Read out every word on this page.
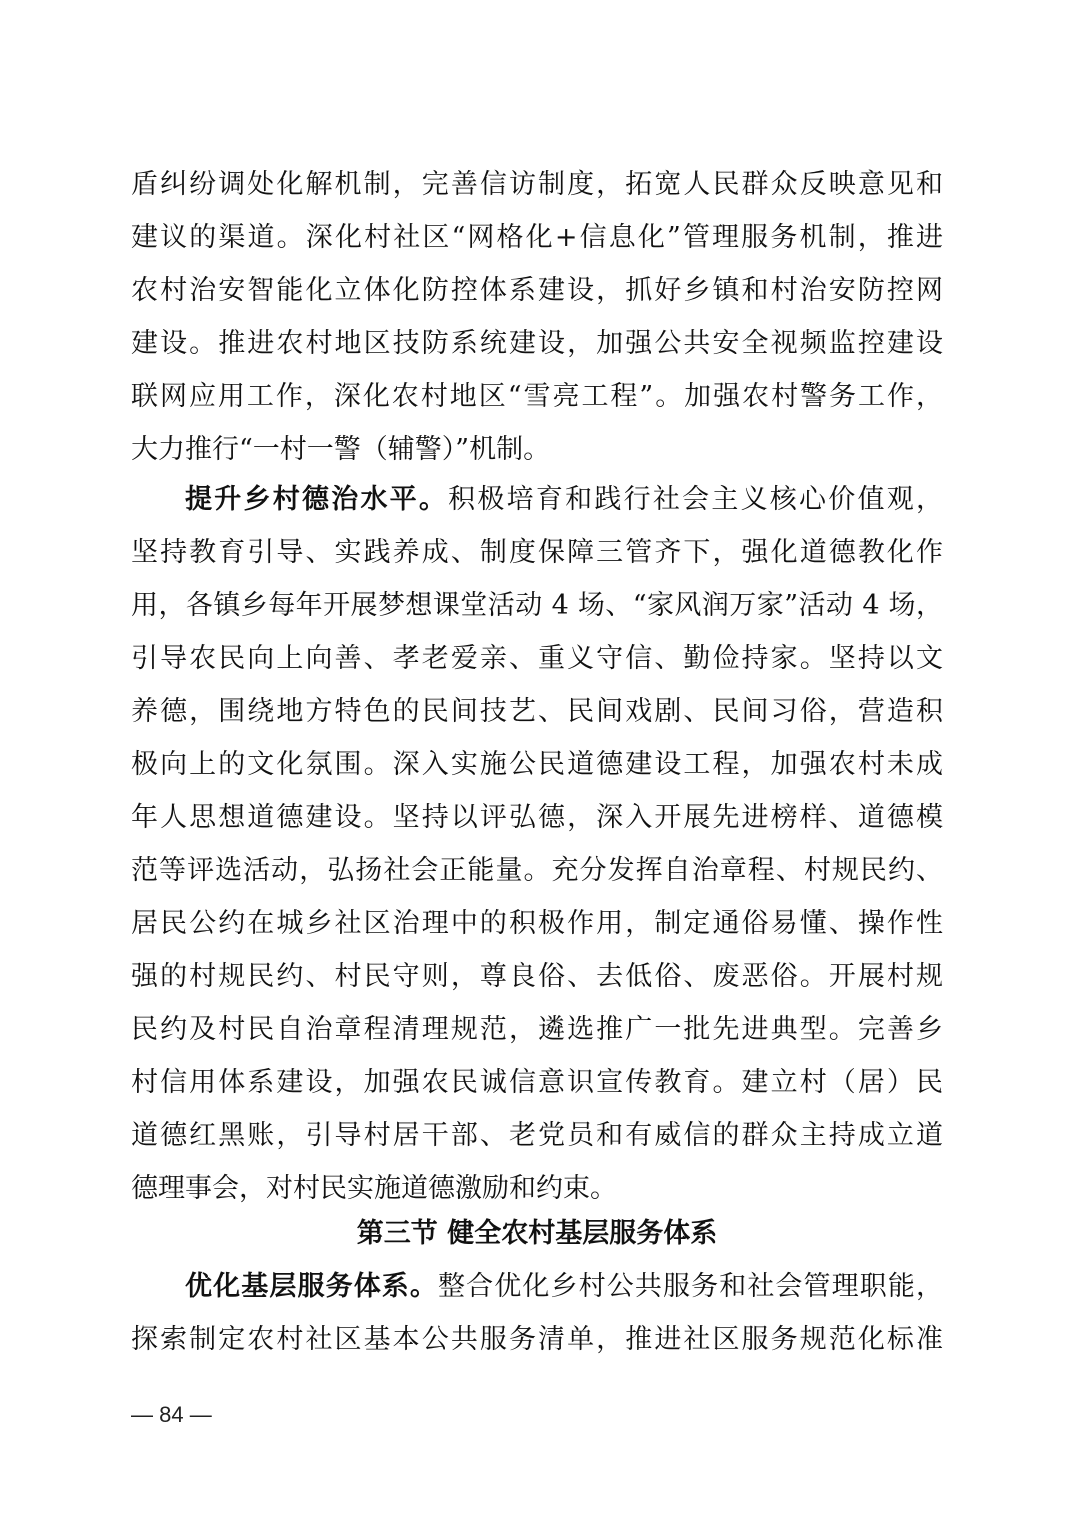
盾纠纷调处化解机制，完善信访制度，拓宽人民群众反映意见和
建议的渠道。深化村社区“网格化+信息化”管理服务机制，推进
农村治安智能化立体化防控体系建设，抓好乡镇和村治安防控网
建设。推进农村地区技防系统建设，加强公共安全视频监控建设
联网应用工作，深化农村地区“雪亮工程”。加强农村警务工作，
大力推行“一村一警（辅警）”机制。
提升乡村德治水平。积极培育和践行社会主义核心价值观，
坚持教育引导、实践养成、制度保障三管齐下，强化道德教化作
用，各镇乡每年开展梦想课堂活动 4 场、“家风润万家”活动 4 场，
引导农民向上向善、孝老爱亲、重义守信、勤俭持家。坚持以文
养德，围绕地方特色的民间技艺、民间戏剧、民间习俗，营造积
极向上的文化氛围。深入实施公民道德建设工程，加强农村未成
年人思想道德建设。坚持以评弘德，深入开展先进榜样、道德模
范等评选活动，弘扬社会正能量。充分发挥自治章程、村规民约、
居民公约在城乡社区治理中的积极作用，制定通俗易懂、操作性
强的村规民约、村民守则，尊良俗、去低俗、废恶俗。开展村规
民约及村民自治章程清理规范，遴选推广一批先进典型。完善乡
村信用体系建设，加强农民诚信意识宣传教育。建立村（居）民
道德红黑账，引导村居干部、老党员和有威信的群众主持成立道
德理事会，对村民实施道德激励和约束。
第三节 健全农村基层服务体系
优化基层服务体系。整合优化乡村公共服务和社会管理职能，
探索制定农村社区基本公共服务清单，推进社区服务规范化标准
— 84 —
